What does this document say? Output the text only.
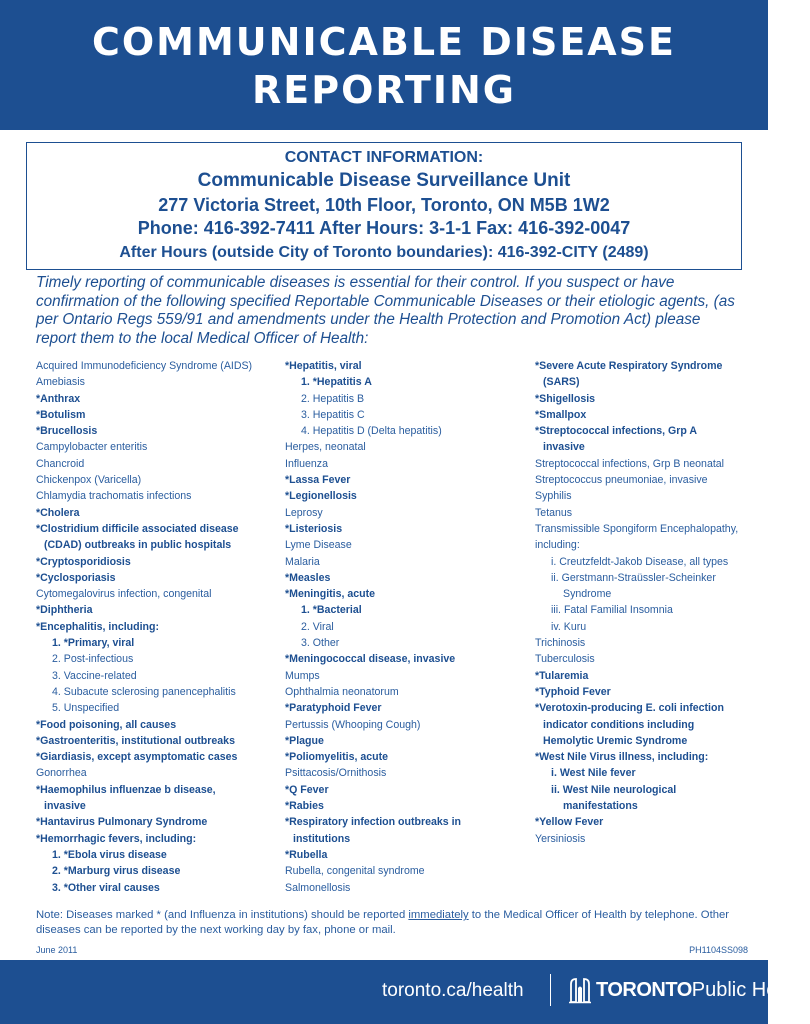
COMMUNICABLE DISEASE
REPORTING
CONTACT INFORMATION:
Communicable Disease Surveillance Unit
277 Victoria Street, 10th Floor, Toronto, ON M5B 1W2
Phone: 416-392-7411 After Hours: 3-1-1 Fax: 416-392-0047
After Hours (outside City of Toronto boundaries): 416-392-CITY (2489)
Timely reporting of communicable diseases is essential for their control. If you suspect or have confirmation of the following specified Reportable Communicable Diseases or their etiologic agents, (as per Ontario Regs 559/91 and amendments under the Health Protection and Promotion Act) please report them to the local Medical Officer of Health:
Acquired Immunodeficiency Syndrome (AIDS)
Amebiasis
*Anthrax
*Botulism
*Brucellosis
Campylobacter enteritis
Chancroid
Chickenpox (Varicella)
Chlamydia trachomatis infections
*Cholera
*Clostridium difficile associated disease
(CDAD) outbreaks in public hospitals
*Cryptosporidiosis
*Cyclosporiasis
Cytomegalovirus infection, congenital
*Diphtheria
*Encephalitis, including:
1. *Primary, viral
2. Post-infectious
3. Vaccine-related
4. Subacute sclerosing panencephalitis
5. Unspecified
*Food poisoning, all causes
*Gastroenteritis, institutional outbreaks
*Giardiasis, except asymptomatic cases
Gonorrhea
*Haemophilus influenzae b disease,
invasive
*Hantavirus Pulmonary Syndrome
*Hemorrhagic fevers, including:
1. *Ebola virus disease
2. *Marburg virus disease
3. *Other viral causes
*Hepatitis, viral
1. *Hepatitis A
2. Hepatitis B
3. Hepatitis C
4. Hepatitis D (Delta hepatitis)
Herpes, neonatal
Influenza
*Lassa Fever
*Legionellosis
Leprosy
*Listeriosis
Lyme Disease
Malaria
*Measles
*Meningitis, acute
1. *Bacterial
2. Viral
3. Other
*Meningococcal disease, invasive
Mumps
Ophthalmia neonatorum
*Paratyphoid Fever
Pertussis (Whooping Cough)
*Plague
*Poliomyelitis, acute
Psittacosis/Ornithosis
*Q Fever
*Rabies
*Respiratory infection outbreaks in
institutions
*Rubella
Rubella, congenital syndrome
Salmonellosis
*Severe Acute Respiratory Syndrome
(SARS)
*Shigellosis
*Smallpox
*Streptococcal infections, Grp A
invasive
Streptococcal infections, Grp B neonatal
Streptococcus pneumoniae, invasive
Syphilis
Tetanus
Transmissible Spongiform Encephalopathy,
including:
i. Creutzfeldt-Jakob Disease, all types
ii. Gerstmann-Straüssler-Scheinker
Syndrome
iii. Fatal Familial Insomnia
iv. Kuru
Trichinosis
Tuberculosis
*Tularemia
*Typhoid Fever
*Verotoxin-producing E. coli infection
indicator conditions including
Hemolytic Uremic Syndrome
*West Nile Virus illness, including:
i. West Nile fever
ii. West Nile neurological
manifestations
*Yellow Fever
Yersiniosis
Note: Diseases marked * (and Influenza in institutions) should be reported immediately to the Medical Officer of Health by telephone. Other diseases can be reported by the next working day by fax, phone or mail.
June 2011	PH1104SS098
toronto.ca/health	TORONTOPublic Health
